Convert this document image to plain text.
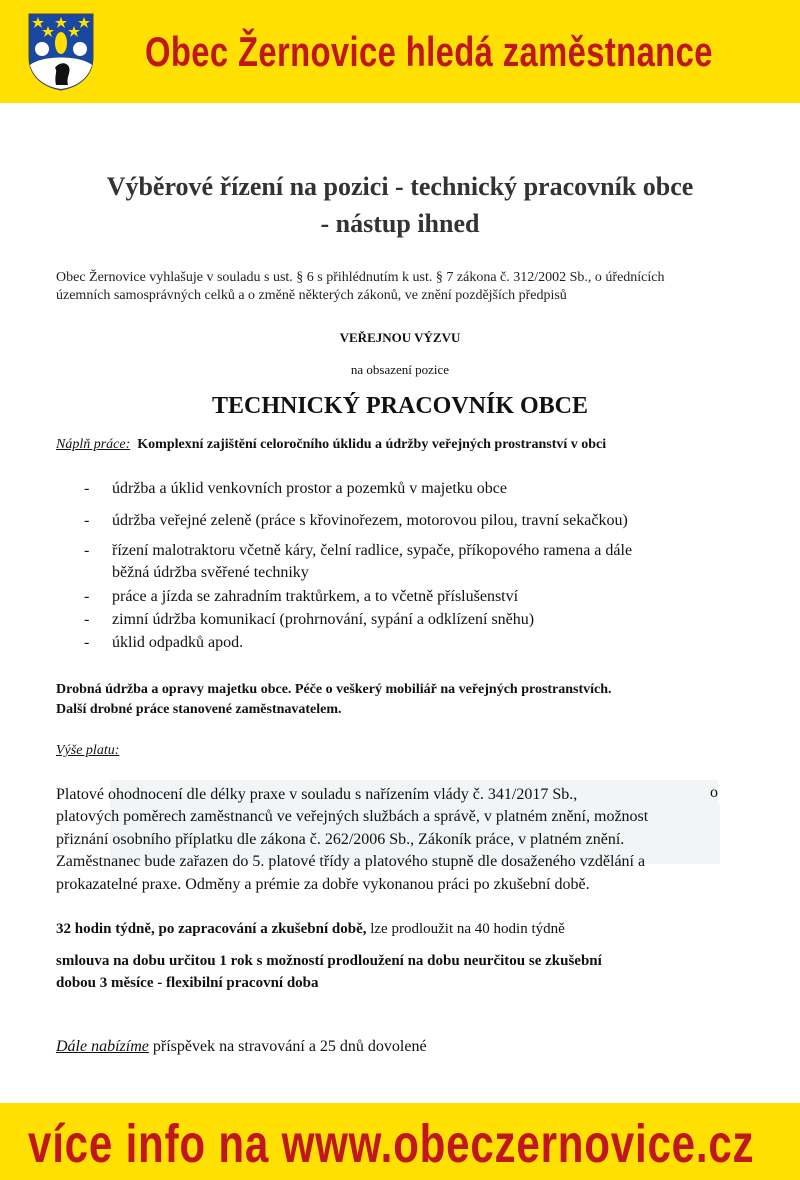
Obec Žernovice hledá zaměstnance
Výběrové řízení na pozici - technický pracovník obce
- nástup ihned
Obec Žernovice vyhlašuje v souladu s ust. § 6 s přihlédnutím k ust. § 7 zákona č. 312/2002 Sb., o úřednících
územních samosprávných celků a o změně některých zákonů, ve znění pozdějších předpisů
VEŘEJNOU VÝZVU
na obsazení pozice
TECHNICKÝ PRACOVNÍK OBCE
Náplň práce: Komplexní zajištění celoročního úklidu a údržby veřejných prostranství v obci
- údržba a úklid venkovních prostor a pozemků v majetku obce
- údržba veřejné zeleně (práce s křovinořezem, motorovou pilou, travní sekačkou)
- řízení malotraktoru včetně káry, čelní radlice, sypače, příkopového ramena a dále
běžná údržba svěřené techniky
- práce a jízda se zahradním traktůrkem, a to včetně příslušenství
- zimní údržba komunikací (prohrnování, sypání a odklízení sněhu)
- úklid odpadků apod.
Drobná údržba a opravy majetku obce. Péče o veškerý mobiliář na veřejných prostranstvích.
Další drobné práce stanovené zaměstnavatelem.
Výše platu:
Platové ohodnocení dle délky praxe v souladu s nařízením vlády č. 341/2017 Sb.,	o
platových poměrech zaměstnanců ve veřejných službách a správě, v platném znění, možnost
přiznání osobního příplatku dle zákona č. 262/2006 Sb., Zákoník práce, v platném znění.
Zaměstnanec bude zařazen do 5. platové třídy a platového stupně dle dosaženého vzdělání a
prokazatelné praxe. Odměny a prémie za dobře vykonanou práci po zkušební době.
32 hodin týdně, po zapracování a zkušební době, lze prodloužit na 40 hodin týdně
smlouva na dobu určitou 1 rok s možností prodloužení na dobu neurčitou se zkušební
dobou 3 měsíce - flexibilní pracovní doba
Dále nabízíme příspěvek na stravování a 25 dnů dovolené
více info na www.obeczernovice.cz
